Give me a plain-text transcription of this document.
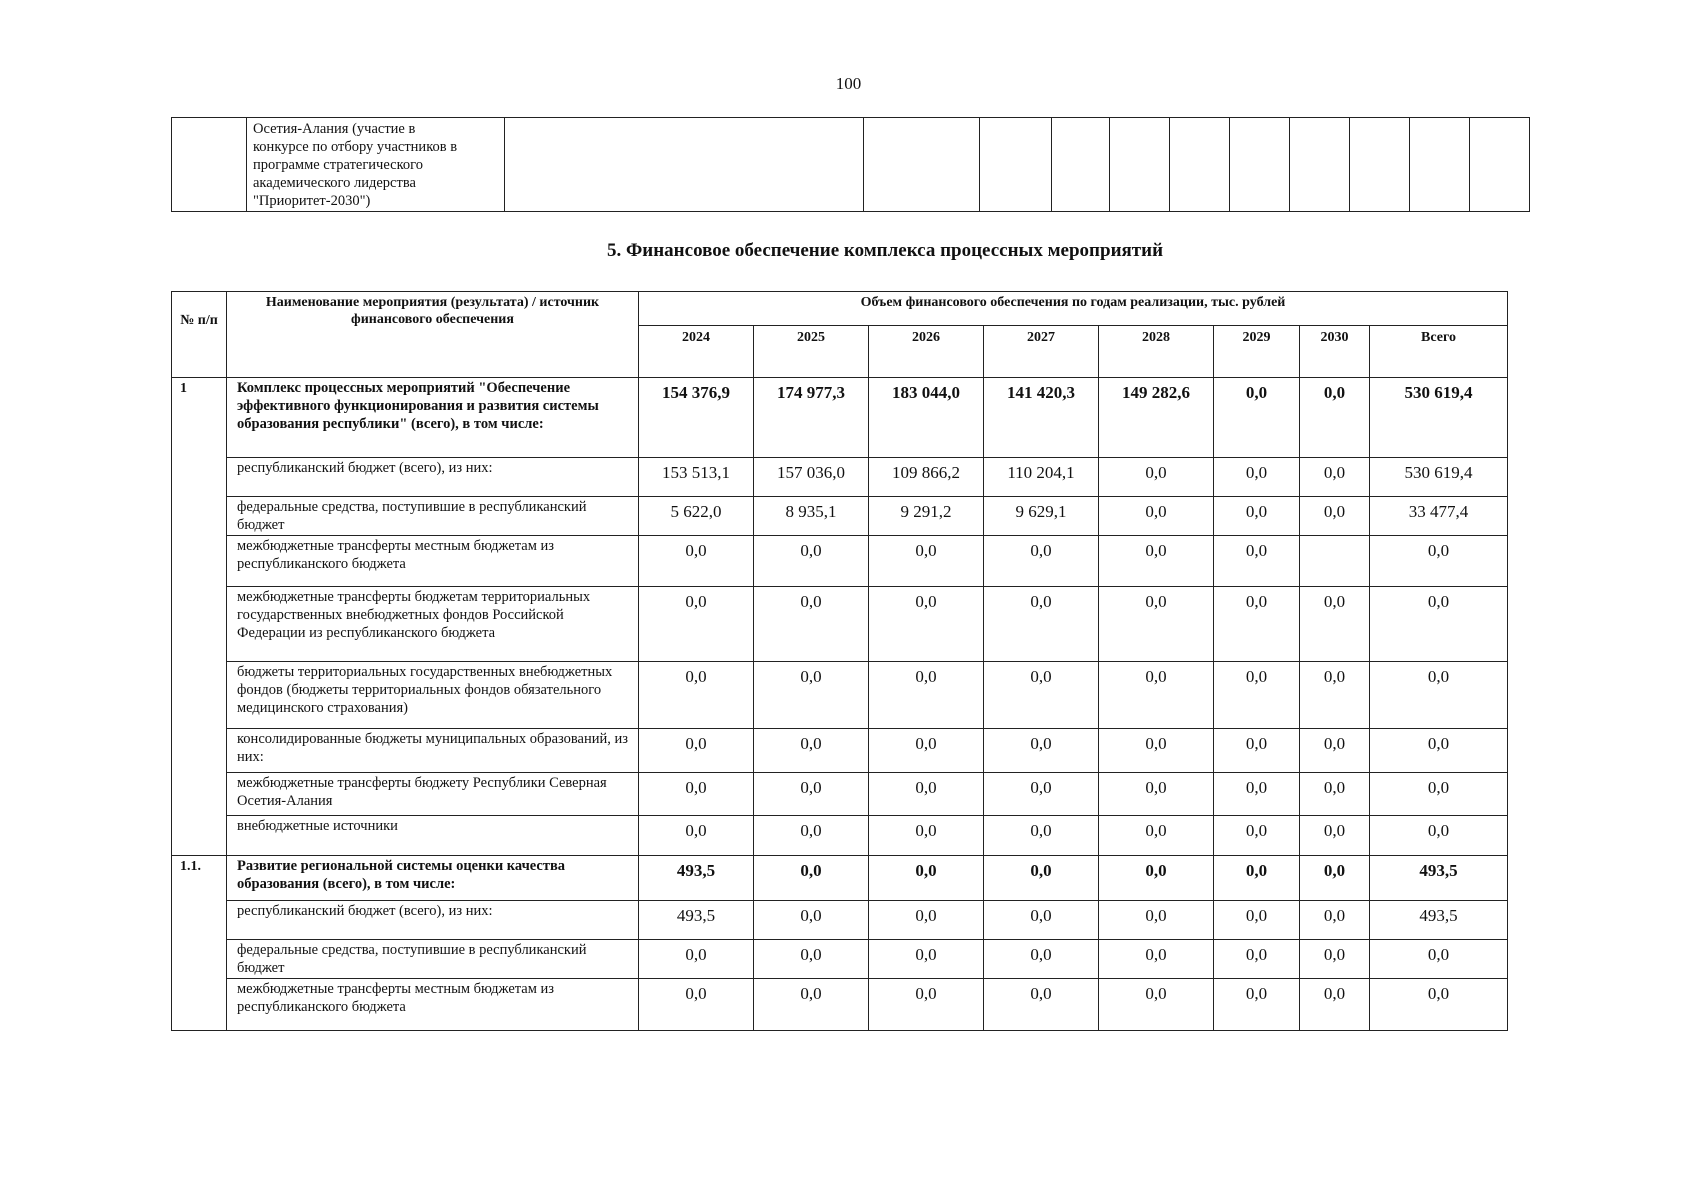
100

Осетия-Алания (участие в
конкурсе по отбору участников в
программе стратегического
академического лидерства
"Приоритет-2030")

5. Финансовое обеспечение комплекса процессных мероприятий
№ п/п	Наименование мероприятия (результата) / источник финансового обеспечения	Объем финансового обеспечения по годам реализации, тыс. рублей							
		2024	2025	2026	2027	2028	2029	2030	Всего
1	Комплекс процессных мероприятий "Обеспечение эффективного функционирования и развития системы образования республики" (всего), в том числе:	154 376,9	174 977,3	183 044,0	141 420,3	149 282,6	0,0	0,0	530 619,4
	республиканский бюджет (всего), из них:	153 513,1	157 036,0	109 866,2	110 204,1	0,0	0,0	0,0	530 619,4
	федеральные средства, поступившие в республиканский бюджет	5 622,0	8 935,1	9 291,2	9 629,1	0,0	0,0	0,0	33 477,4
	межбюджетные трансферты местным бюджетам из республиканского бюджета	0,0	0,0	0,0	0,0	0,0	0,0		0,0
	межбюджетные трансферты бюджетам территориальных государственных внебюджетных фондов Российской Федерации из республиканского бюджета	0,0	0,0	0,0	0,0	0,0	0,0	0,0	0,0
	бюджеты территориальных государственных внебюджетных фондов (бюджеты территориальных фондов обязательного медицинского страхования)	0,0	0,0	0,0	0,0	0,0	0,0	0,0	0,0
	консолидированные бюджеты муниципальных образований, из них:	0,0	0,0	0,0	0,0	0,0	0,0	0,0	0,0
	межбюджетные трансферты бюджету Республики Северная Осетия-Алания	0,0	0,0	0,0	0,0	0,0	0,0	0,0	0,0
	внебюджетные источники	0,0	0,0	0,0	0,0	0,0	0,0	0,0	0,0
1.1.	Развитие региональной системы оценки качества образования (всего), в том числе:	493,5	0,0	0,0	0,0	0,0	0,0	0,0	493,5
	республиканский бюджет (всего), из них:	493,5	0,0	0,0	0,0	0,0	0,0	0,0	493,5
	федеральные средства, поступившие в республиканский бюджет	0,0	0,0	0,0	0,0	0,0	0,0	0,0	0,0
	межбюджетные трансферты местным бюджетам из республиканского бюджета	0,0	0,0	0,0	0,0	0,0	0,0	0,0	0,0
